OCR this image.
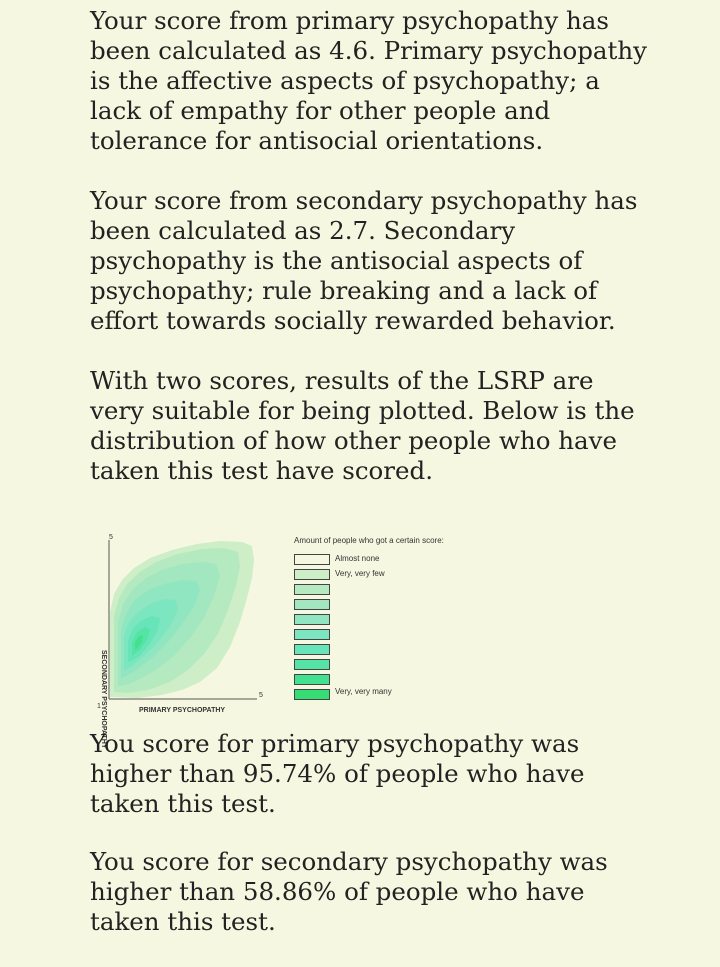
Your score from primary psychopathy has been calculated as 4.6. Primary psychopathy is the affective aspects of psychopathy; a lack of empathy for other people and tolerance for antisocial orientations.

Your score from secondary psychopathy has been calculated as 2.7. Secondary psychopathy is the antisocial aspects of psychopathy; rule breaking and a lack of effort towards socially rewarded behavior.

With two scores, results of the LSRP are very suitable for being plotted. Below is the distribution of how other people who have taken this test have scored.

5
5
1
PRIMARY PSYCHOPATHY
SECONDARY PSYCHOPATHY
Amount of people who got a certain score:
Almost none
Very, very few
Very, very many

You score for primary psychopathy was higher than 95.74% of people who have taken this test.

You score for secondary psychopathy was higher than 58.86% of people who have taken this test.
